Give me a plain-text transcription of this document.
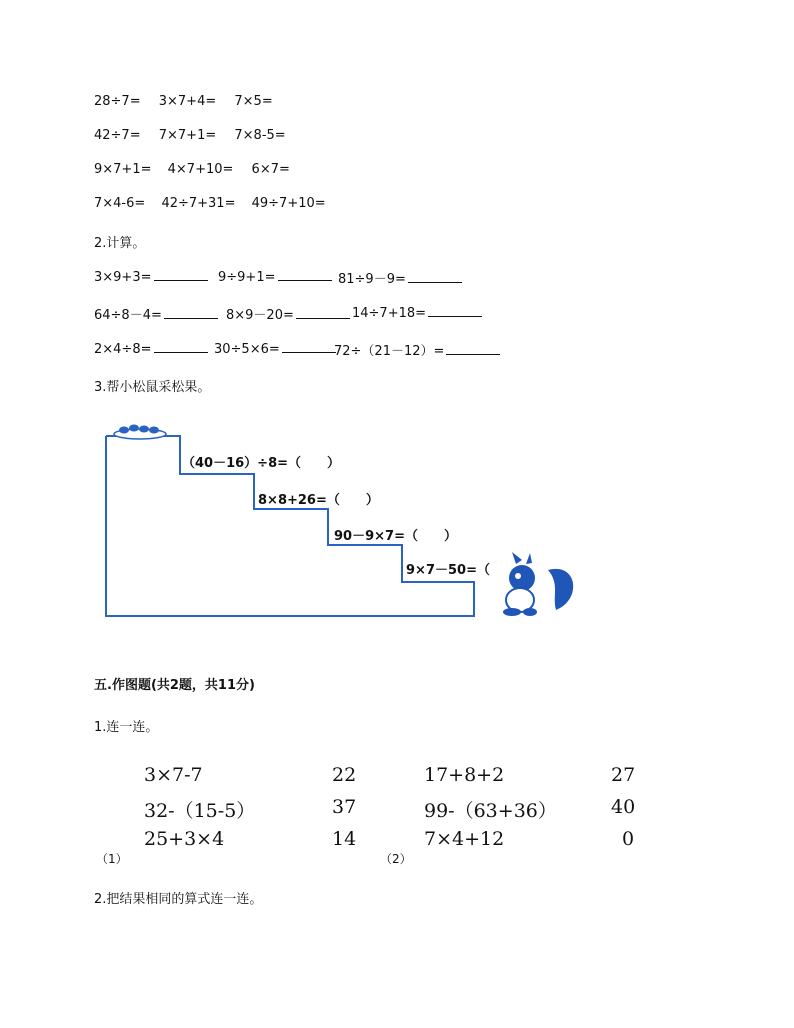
28÷7= 3×7+4= 7×5=
42÷7= 7×7+1= 7×8-5=
9×7+1= 4×7+10= 6×7=
7×4-6= 42÷7+31= 49÷7+10=
2.计算。
3×9+3=	9÷9+1=	81÷9－9=
64÷8－4=	8×9－20=	14÷7+18=
2×4÷8=	30÷5×6=	72÷（21－12）=
3.帮小松鼠采松果。
（40－16）÷8=（　　）
8×8+26=（　　）
90－9×7=（　　）
9×7－50=（
五.作图题(共2题，共11分)
1.连一连。
3×7-7
32-（15-5）
25+3×4
22
37
14
（1）
17+8+2
99-（63+36）
7×4+12
27
40
0
（2）
2.把结果相同的算式连一连。
